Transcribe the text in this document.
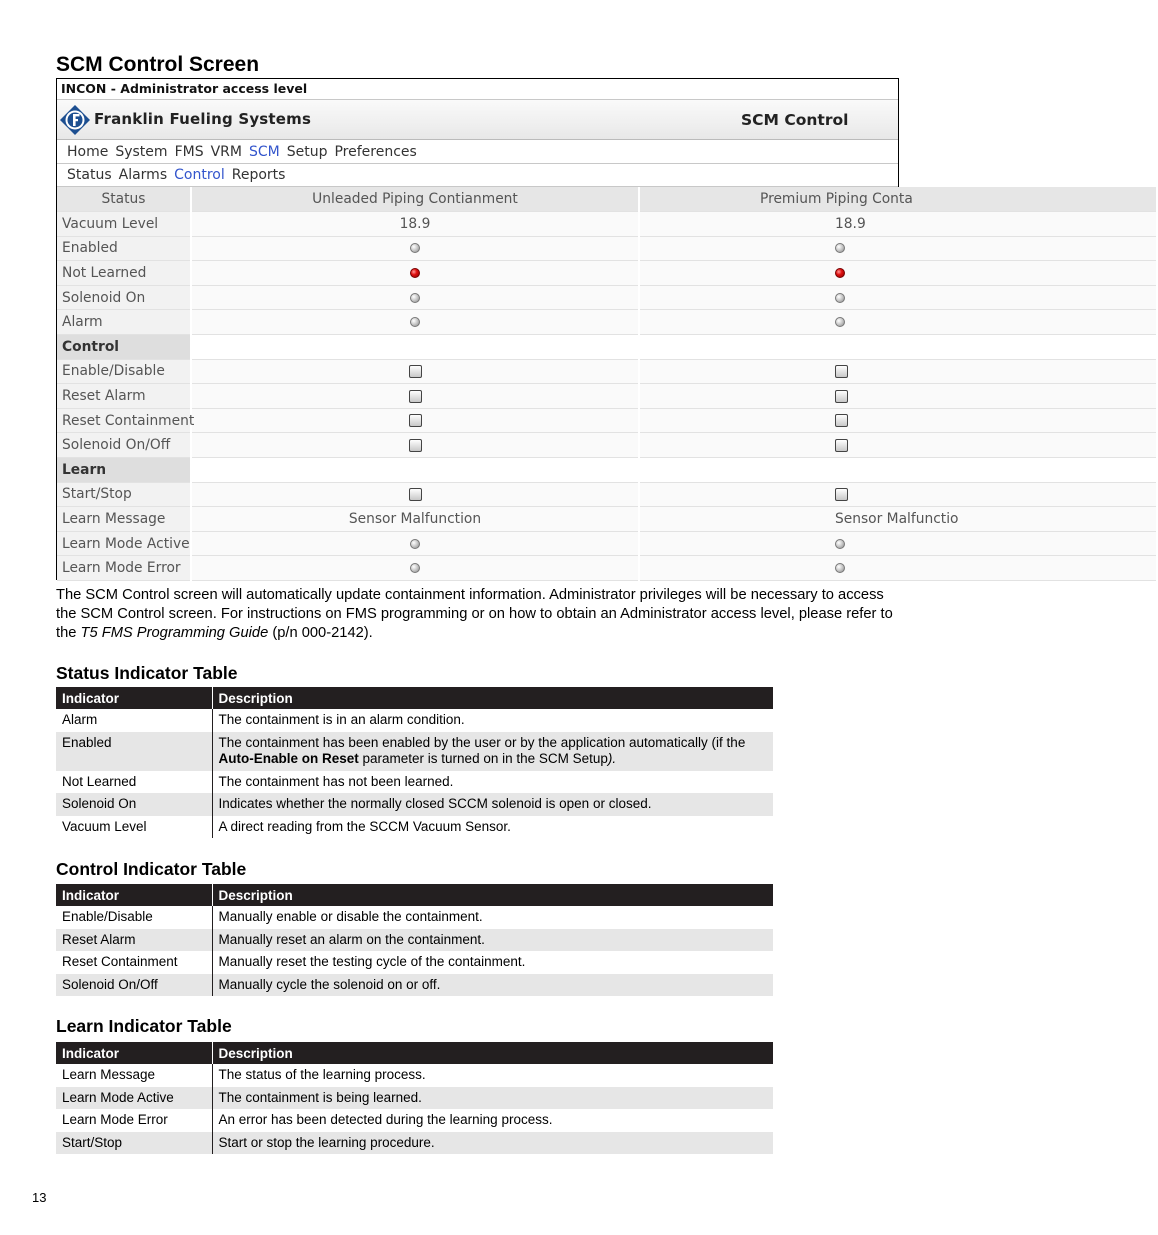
SCM Control Screen
INCON - Administrator access level
Franklin Fueling Systems	SCM Control
Home System FMS VRM SCM Setup Preferences
Status Alarms Control Reports
Status	Unleaded Piping Contianment	Premium Piping Conta
Vacuum Level	18.9	18.9
Enabled		
Not Learned		
Solenoid On		
Alarm		
Control		
Enable/Disable		
Reset Alarm		
Reset Containment		
Solenoid On/Off		
Learn		
Start/Stop		
Learn Message	Sensor Malfunction	Sensor Malfunctio
Learn Mode Active		
Learn Mode Error		
The SCM Control screen will automatically update containment information. Administrator privileges will be necessary to access the SCM Control screen. For instructions on FMS programming or on how to obtain an Administrator access level, please refer to the T5 FMS Programming Guide (p/n 000-2142).
Status Indicator Table
Indicator	Description
Alarm	The containment is in an alarm condition.
Enabled	The containment has been enabled by the user or by the application automatically (if the Auto-Enable on Reset parameter is turned on in the SCM Setup).
Not Learned	The containment has not been learned.
Solenoid On	Indicates whether the normally closed SCCM solenoid is open or closed.
Vacuum Level	A direct reading from the SCCM Vacuum Sensor.
Control Indicator Table
Indicator	Description
Enable/Disable	Manually enable or disable the containment.
Reset Alarm	Manually reset an alarm on the containment.
Reset Containment	Manually reset the testing cycle of the containment.
Solenoid On/Off	Manually cycle the solenoid on or off.
Learn Indicator Table
Indicator	Description
Learn Message	The status of the learning process.
Learn Mode Active	The containment is being learned.
Learn Mode Error	An error has been detected during the learning process.
Start/Stop	Start or stop the learning procedure.
13
